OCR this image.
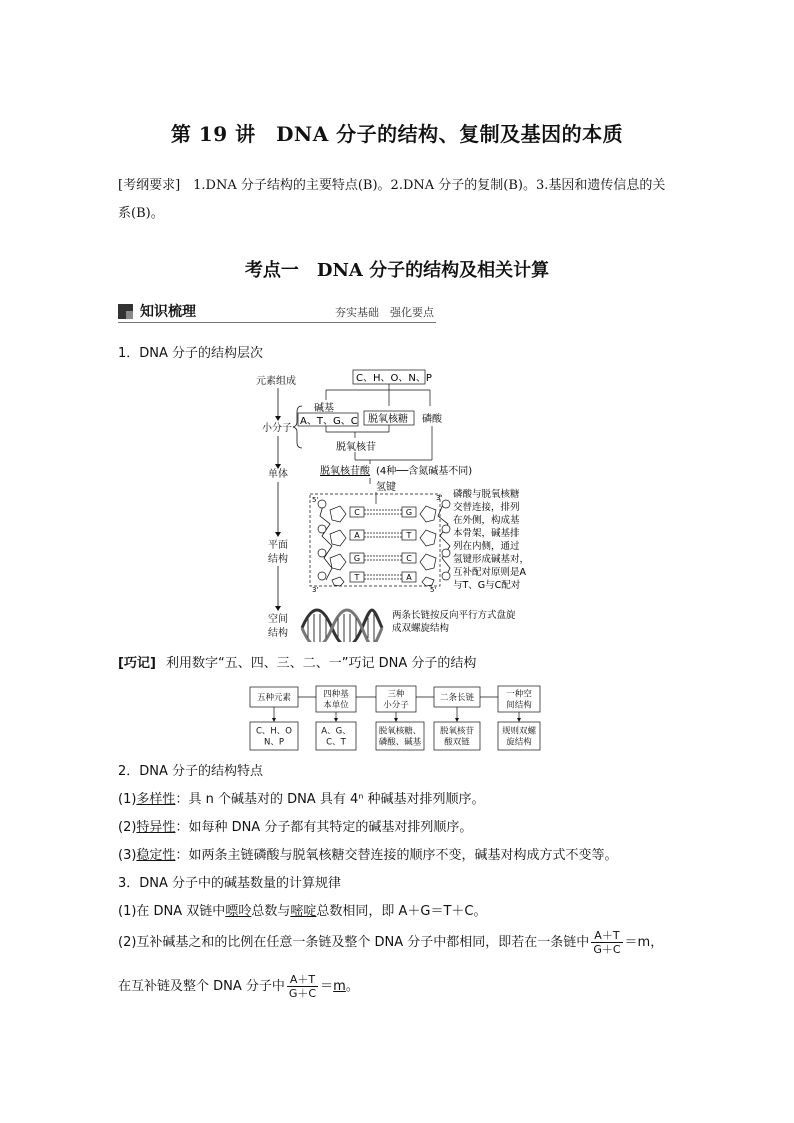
第 19 讲　DNA 分子的结构、复制及基因的本质
[考纲要求]　1.DNA 分子结构的主要特点(B)。2.DNA 分子的复制(B)。3.基因和遗传信息的关
系(B)。
考点一　DNA 分子的结构及相关计算
知识梳理	夯实基础　强化要点
1．DNA 分子的结构层次
元素组成
小分子
单体
平面
结构
空间
结构
C、H、O、N、P
碱基
A、T、G、C 脱氧核糖 磷酸
脱氧核苷
脱氧核苷酸 (4种──含氮碱基不同)
氢键
C	G
A	T
G	C
T	A
5'	3'
3'	5'
磷酸与脱氧核糖
交替连接，排列
在外侧，构成基
本骨架，碱基排
列在内侧，通过
氢键形成碱基对，
互补配对原则是A
与T、G与C配对
两条长链按反向平行方式盘旋
成双螺旋结构
[巧记] 利用数字“五、四、三、二、一”巧记 DNA 分子的结构
五种元素	四种基
本单位
三种
小分子
二条长链	一种空
间结构
C、H、O
N、P
A、G、
C、T
脱氧核糖、
磷酸、碱基
脱氧核苷
酸双链
规则双螺
旋结构
2．DNA 分子的结构特点
(1)多样性：具 n 个碱基对的 DNA 具有 4ⁿ 种碱基对排列顺序。
(2)特异性：如每种 DNA 分子都有其特定的碱基对排列顺序。
(3)稳定性：如两条主链磷酸与脱氧核糖交替连接的顺序不变，碱基对构成方式不变等。
3．DNA 分子中的碱基数量的计算规律
(1)在 DNA 双链中嘌呤总数与嘧啶总数相同，即 A＋G＝T＋C。
(2)互补碱基之和的比例在任意一条链及整个 DNA 分子中都相同，即若在一条链中 $\frac{A+T}{G+C} =m$，
在互补链及整个 DNA 分子中 $\frac{A+T}{G+C} =m$。
